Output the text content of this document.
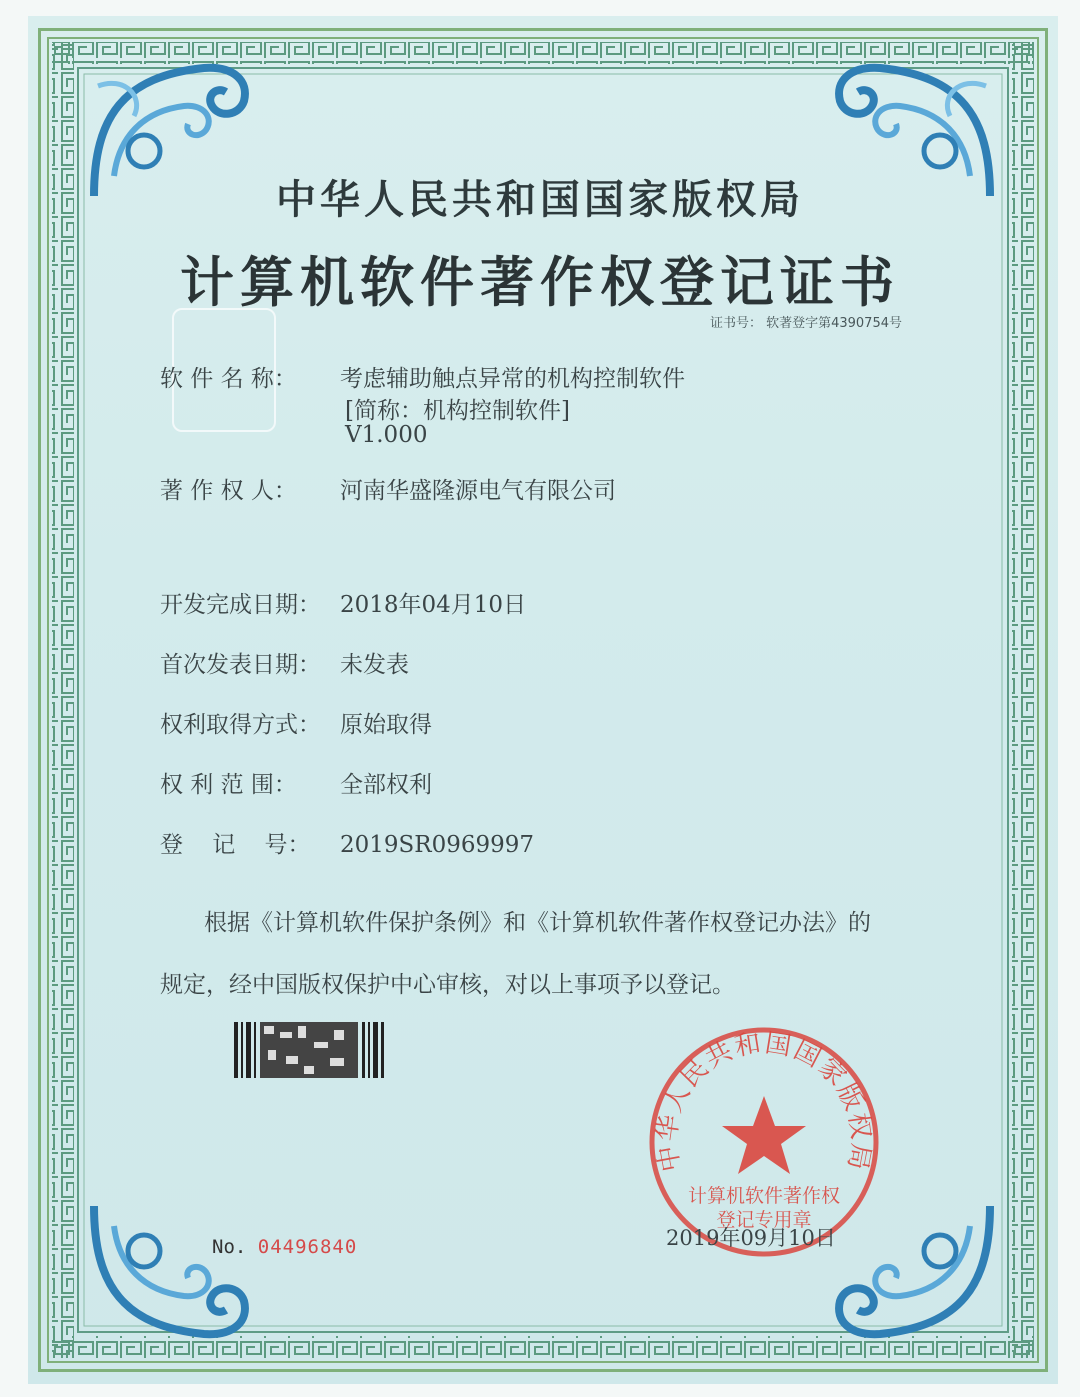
中华人民共和国国家版权局
计算机软件著作权登记证书
证书号： 软著登字第4390754号
软 件 名 称： 考虑辅助触点异常的机构控制软件
[简称：机构控制软件]
V1.000
著 作 权 人： 河南华盛隆源电气有限公司
开发完成日期： 2018年04月10日
首次发表日期： 未发表
权利取得方式： 原始取得
权 利 范 围： 全部权利
登    记    号： 2019SR0969997
根据《计算机软件保护条例》和《计算机软件著作权登记办法》的
规定，经中国版权保护中心审核，对以上事项予以登记。
中华人民共和国国家版权局
计算机软件著作权
登记专用章
No. 04496840	2019年09月10日
